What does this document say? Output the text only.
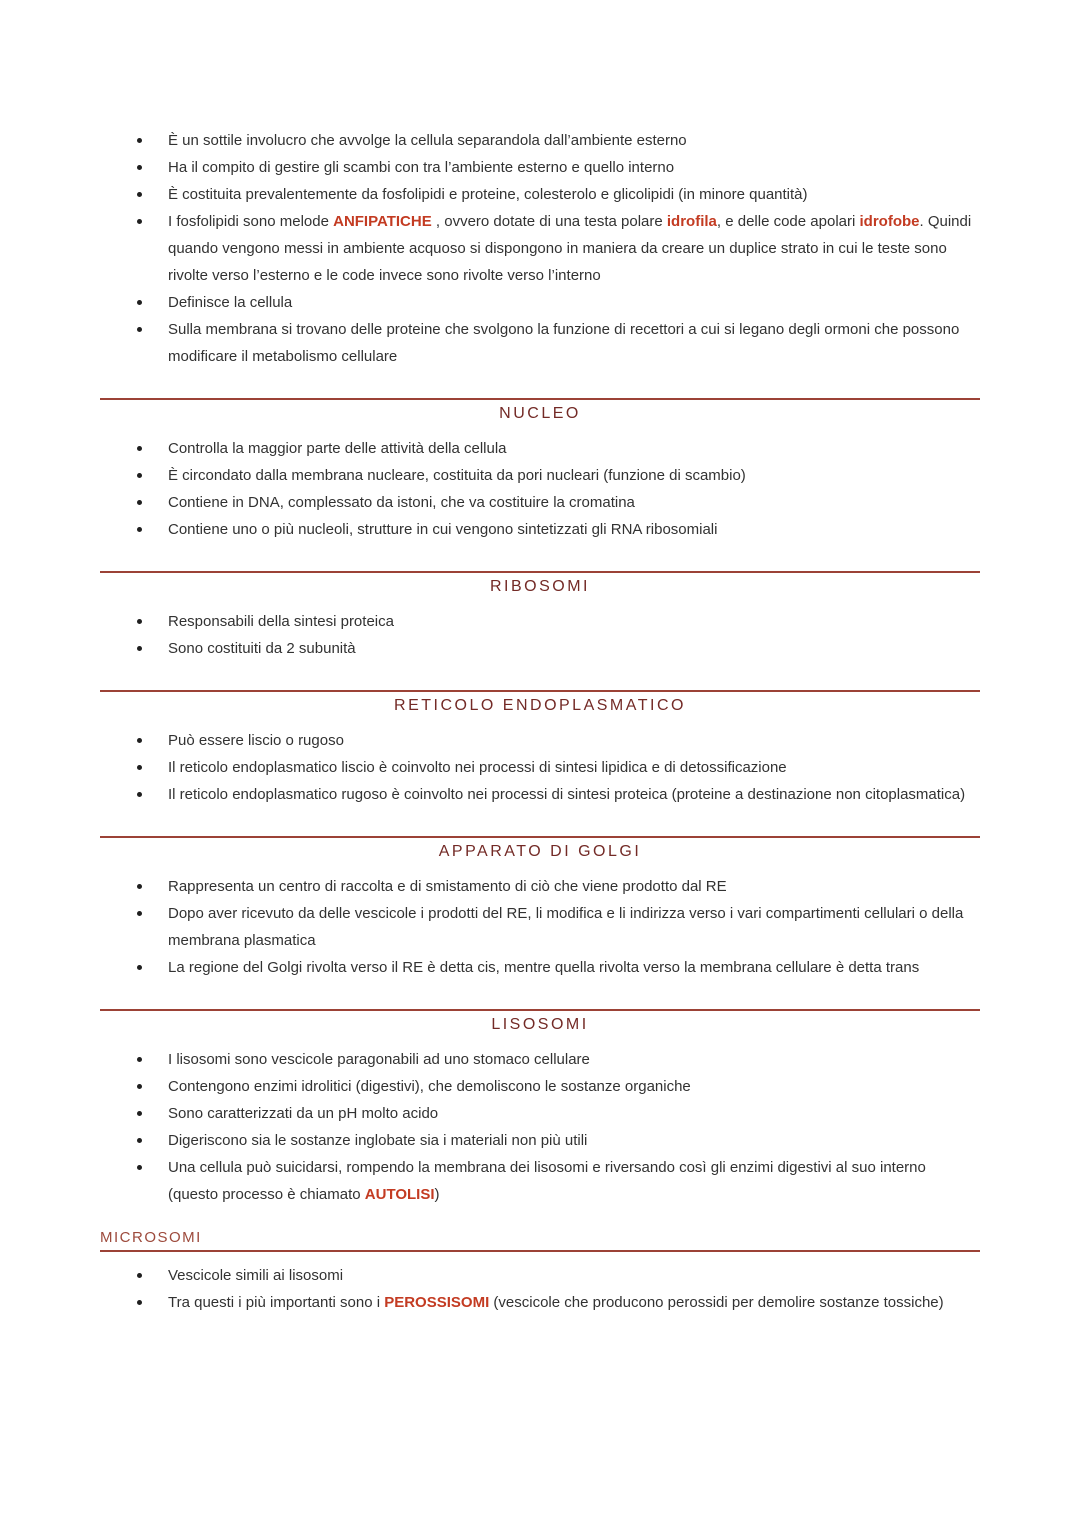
È un sottile involucro che avvolge la cellula separandola dall’ambiente esterno
Ha il compito di gestire gli scambi con tra l’ambiente esterno e quello interno
È costituita prevalentemente da fosfolipidi e proteine, colesterolo e glicolipidi (in minore quantità)
I fosfolipidi sono melode ANFIPATICHE , ovvero dotate di una testa polare idrofila, e delle code apolari idrofobe. Quindi quando vengono messi in ambiente acquoso si dispongono in maniera da creare un duplice strato in cui le teste sono rivolte verso l’esterno e le code invece sono rivolte verso l’interno
Definisce la cellula
Sulla membrana si trovano delle proteine che svolgono la funzione di recettori a cui si legano degli ormoni che possono modificare il metabolismo cellulare
NUCLEO
Controlla la maggior parte delle attività della cellula
È circondato dalla membrana nucleare, costituita da pori nucleari (funzione di scambio)
Contiene in DNA, complessato da istoni, che va costituire la cromatina
Contiene uno o più nucleoli, strutture in cui vengono sintetizzati gli RNA ribosomiali
RIBOSOMI
Responsabili della sintesi proteica
Sono costituiti da 2 subunità
RETICOLO ENDOPLASMATICO
Può essere liscio o rugoso
Il reticolo endoplasmatico liscio è coinvolto nei processi di sintesi lipidica e di detossificazione
Il reticolo endoplasmatico rugoso è coinvolto nei processi di sintesi proteica (proteine a destinazione non citoplasmatica)
APPARATO DI GOLGI
Rappresenta un centro di raccolta e di smistamento di ciò che viene prodotto dal RE
Dopo aver ricevuto da delle vescicole i prodotti del RE, li modifica e li indirizza verso i vari compartimenti cellulari o della membrana plasmatica
La regione del Golgi rivolta verso il RE è detta cis, mentre quella rivolta verso la membrana cellulare è detta trans
LISOSOMI
I lisosomi sono vescicole paragonabili ad uno stomaco cellulare
Contengono enzimi idrolitici (digestivi), che demoliscono le sostanze organiche
Sono caratterizzati da un pH molto acido
Digeriscono sia le sostanze inglobate sia i materiali non più utili
Una cellula può suicidarsi, rompendo la membrana dei lisosomi e riversando così gli enzimi digestivi al suo interno (questo processo è chiamato AUTOLISI)
MICROSOMI
Vescicole simili ai lisosomi
Tra questi i più importanti sono i PEROSSISOMI (vescicole che producono perossidi per demolire sostanze tossiche)
